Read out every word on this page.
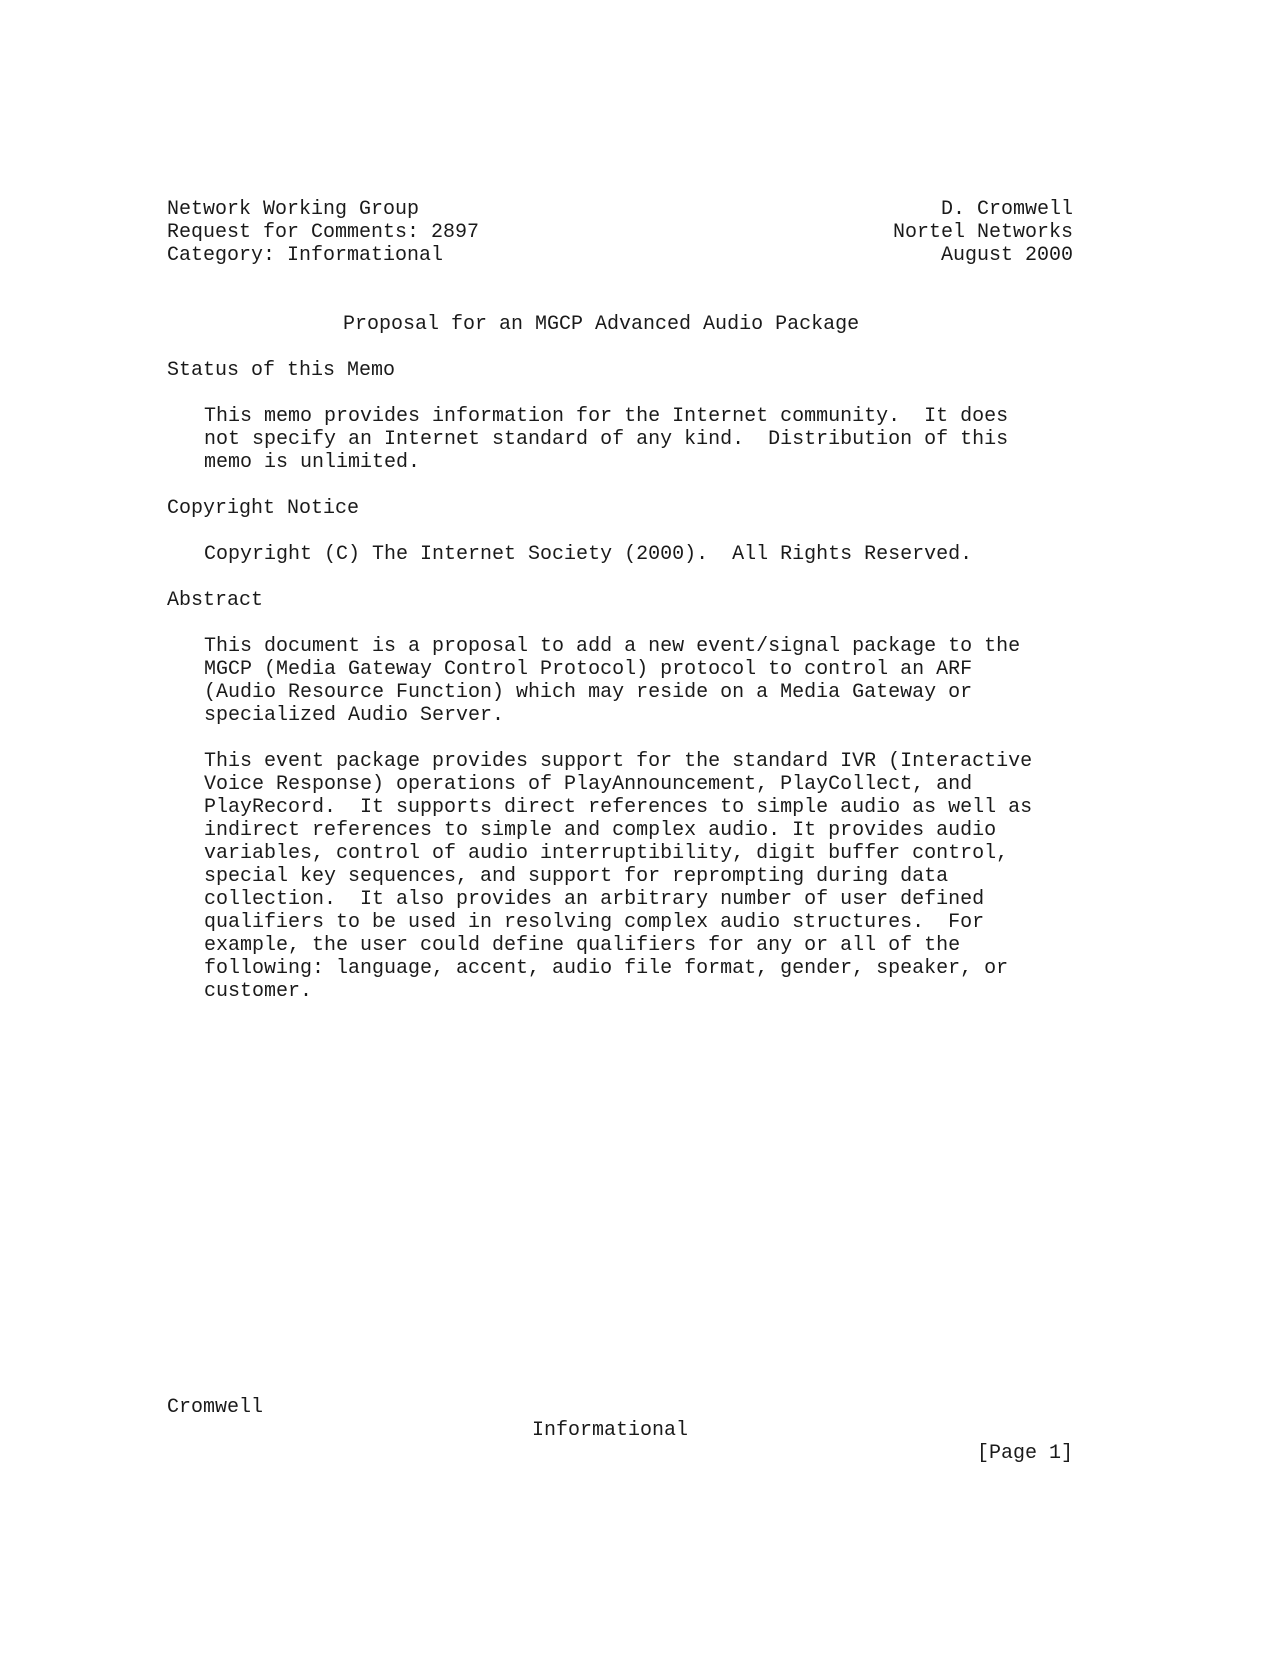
Network Working Group	D. Cromwell
Request for Comments: 2897	Nortel Networks
Category: Informational	August 2000
Proposal for an MGCP Advanced Audio Package
Status of this Memo
This memo provides information for the Internet community.  It does
not specify an Internet standard of any kind.  Distribution of this
memo is unlimited.
Copyright Notice
Copyright (C) The Internet Society (2000).  All Rights Reserved.
Abstract
This document is a proposal to add a new event/signal package to the
MGCP (Media Gateway Control Protocol) protocol to control an ARF
(Audio Resource Function) which may reside on a Media Gateway or
specialized Audio Server.
This event package provides support for the standard IVR (Interactive
Voice Response) operations of PlayAnnouncement, PlayCollect, and
PlayRecord.  It supports direct references to simple audio as well as
indirect references to simple and complex audio. It provides audio
variables, control of audio interruptibility, digit buffer control,
special key sequences, and support for reprompting during data
collection.  It also provides an arbitrary number of user defined
qualifiers to be used in resolving complex audio structures.  For
example, the user could define qualifiers for any or all of the
following: language, accent, audio file format, gender, speaker, or
customer.

Cromwell

Informational

[Page 1]
